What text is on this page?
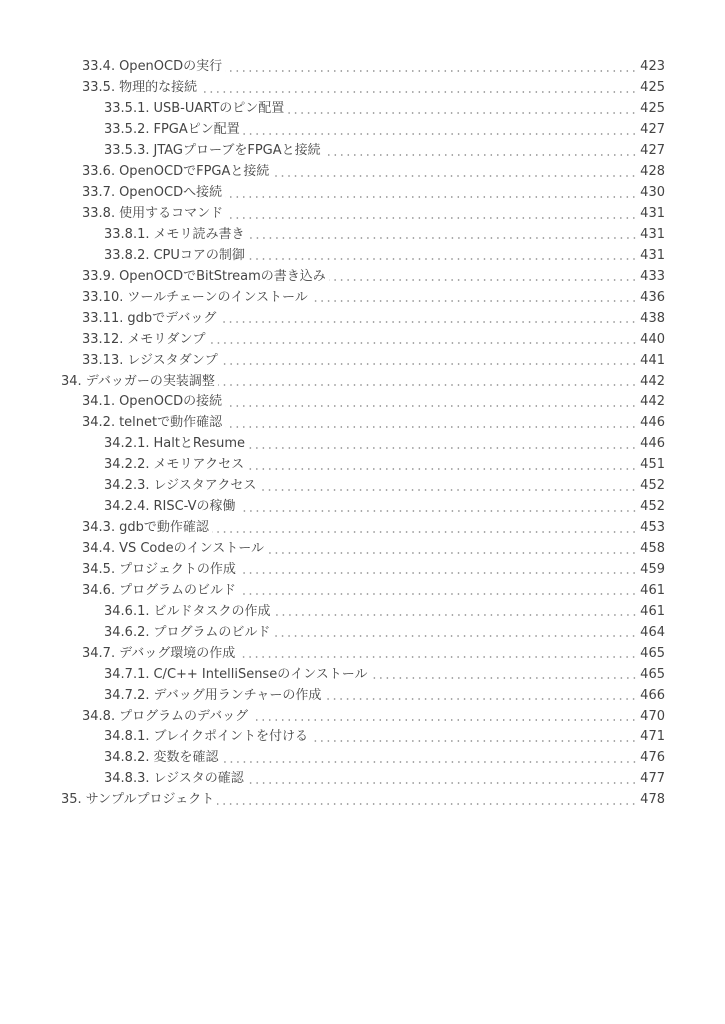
33.4. OpenOCDの実行	423
33.5. 物理的な接続	425
33.5.1. USB-UARTのピン配置	425
33.5.2. FPGAピン配置	427
33.5.3. JTAGプローブをFPGAと接続	427
33.6. OpenOCDでFPGAと接続	428
33.7. OpenOCDへ接続	430
33.8. 使用するコマンド	431
33.8.1. メモリ読み書き	431
33.8.2. CPUコアの制御	431
33.9. OpenOCDでBitStreamの書き込み	433
33.10. ツールチェーンのインストール	436
33.11. gdbでデバッグ	438
33.12. メモリダンプ	440
33.13. レジスタダンプ	441
34. デバッガーの実装調整	442
34.1. OpenOCDの接続	442
34.2. telnetで動作確認	446
34.2.1. HaltとResume	446
34.2.2. メモリアクセス	451
34.2.3. レジスタアクセス	452
34.2.4. RISC-Vの稼働	452
34.3. gdbで動作確認	453
34.4. VS Codeのインストール	458
34.5. プロジェクトの作成	459
34.6. プログラムのビルド	461
34.6.1. ビルドタスクの作成	461
34.6.2. プログラムのビルド	464
34.7. デバッグ環境の作成	465
34.7.1. C/C++ IntelliSenseのインストール	465
34.7.2. デバッグ用ランチャーの作成	466
34.8. プログラムのデバッグ	470
34.8.1. ブレイクポイントを付ける	471
34.8.2. 変数を確認	476
34.8.3. レジスタの確認	477
35. サンプルプロジェクト	478
